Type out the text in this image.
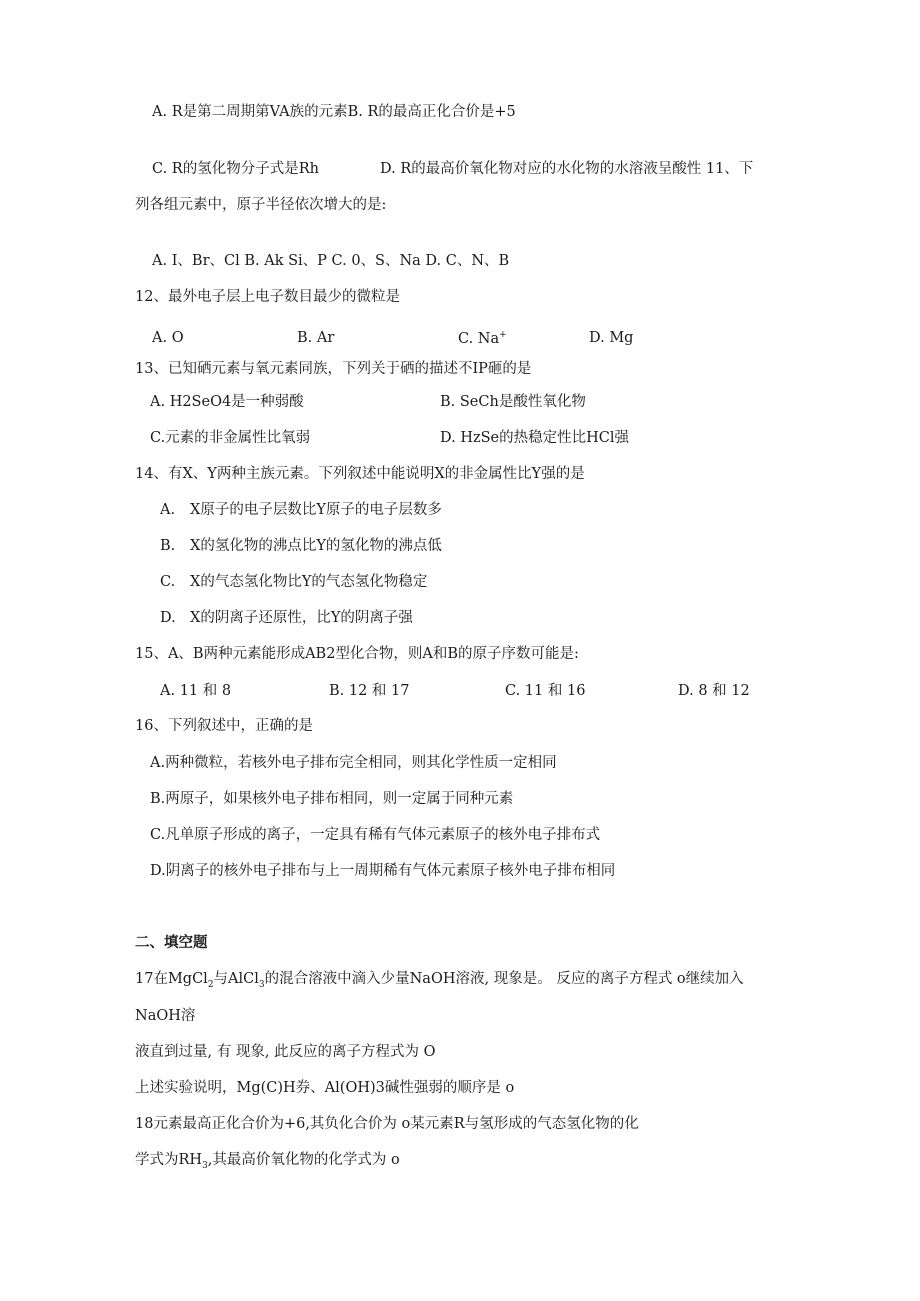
A. R是第二周期第VA族的元素B. R的最高正化合价是+5
C. R的氢化物分子式是Rh	D. R的最高价氧化物对应的水化物的水溶液呈酸性 11、下
列各组元素中，原子半径依次增大的是:
A. I、Br、Cl B. Ak Si、P C. 0、S、Na D. C、N、B
12、最外电子层上电子数目最少的微粒是
A. O	B. Ar	C. Na+	D. Mg
13、已知硒元素与氧元素同族，下列关于硒的描述不IP砸的是
A. H2SeO4是一种弱酸	B. SeCh是酸性氧化物
C.元素的非金属性比氧弱	D. HzSe的热稳定性比HCl强
14、有X、Y两种主族元素。下列叙述中能说明X的非金属性比Y强的是
A. X原子的电子层数比Y原子的电子层数多
B. X的氢化物的沸点比Y的氢化物的沸点低
C. X的气态氢化物比Y的气态氢化物稳定
D. X的阴离子还原性，比Y的阴离子强
15、A、B两种元素能形成AB2型化合物，则A和B的原子序数可能是:
A. 11 和 8	B. 12 和 17	C. 11 和 16	D. 8 和 12
16、下列叙述中，正确的是
A.两种微粒，若核外电子排布完全相同，则其化学性质一定相同
B.两原子，如果核外电子排布相同，则一定属于同种元素
C.凡单原子形成的离子，一定具有稀有气体元素原子的核外电子排布式
D.阴离子的核外电子排布与上一周期稀有气体元素原子核外电子排布相同
二、填空题
17在MgCl$_2$与AlCl$_3$的混合溶液中滴入少量NaOH溶液, 现象是。 反应的离子方程式 o继续加入
NaOH溶
液直到过量, 有 现象, 此反应的离子方程式为 O
上述实验说明，Mg(C)H券、Al(OH)3碱性强弱的顺序是 o
18元素最高正化合价为+6,其负化合价为 o某元素R与氢形成的气态氢化物的化
学式为$RH_3$,其最高价氧化物的化学式为 o
